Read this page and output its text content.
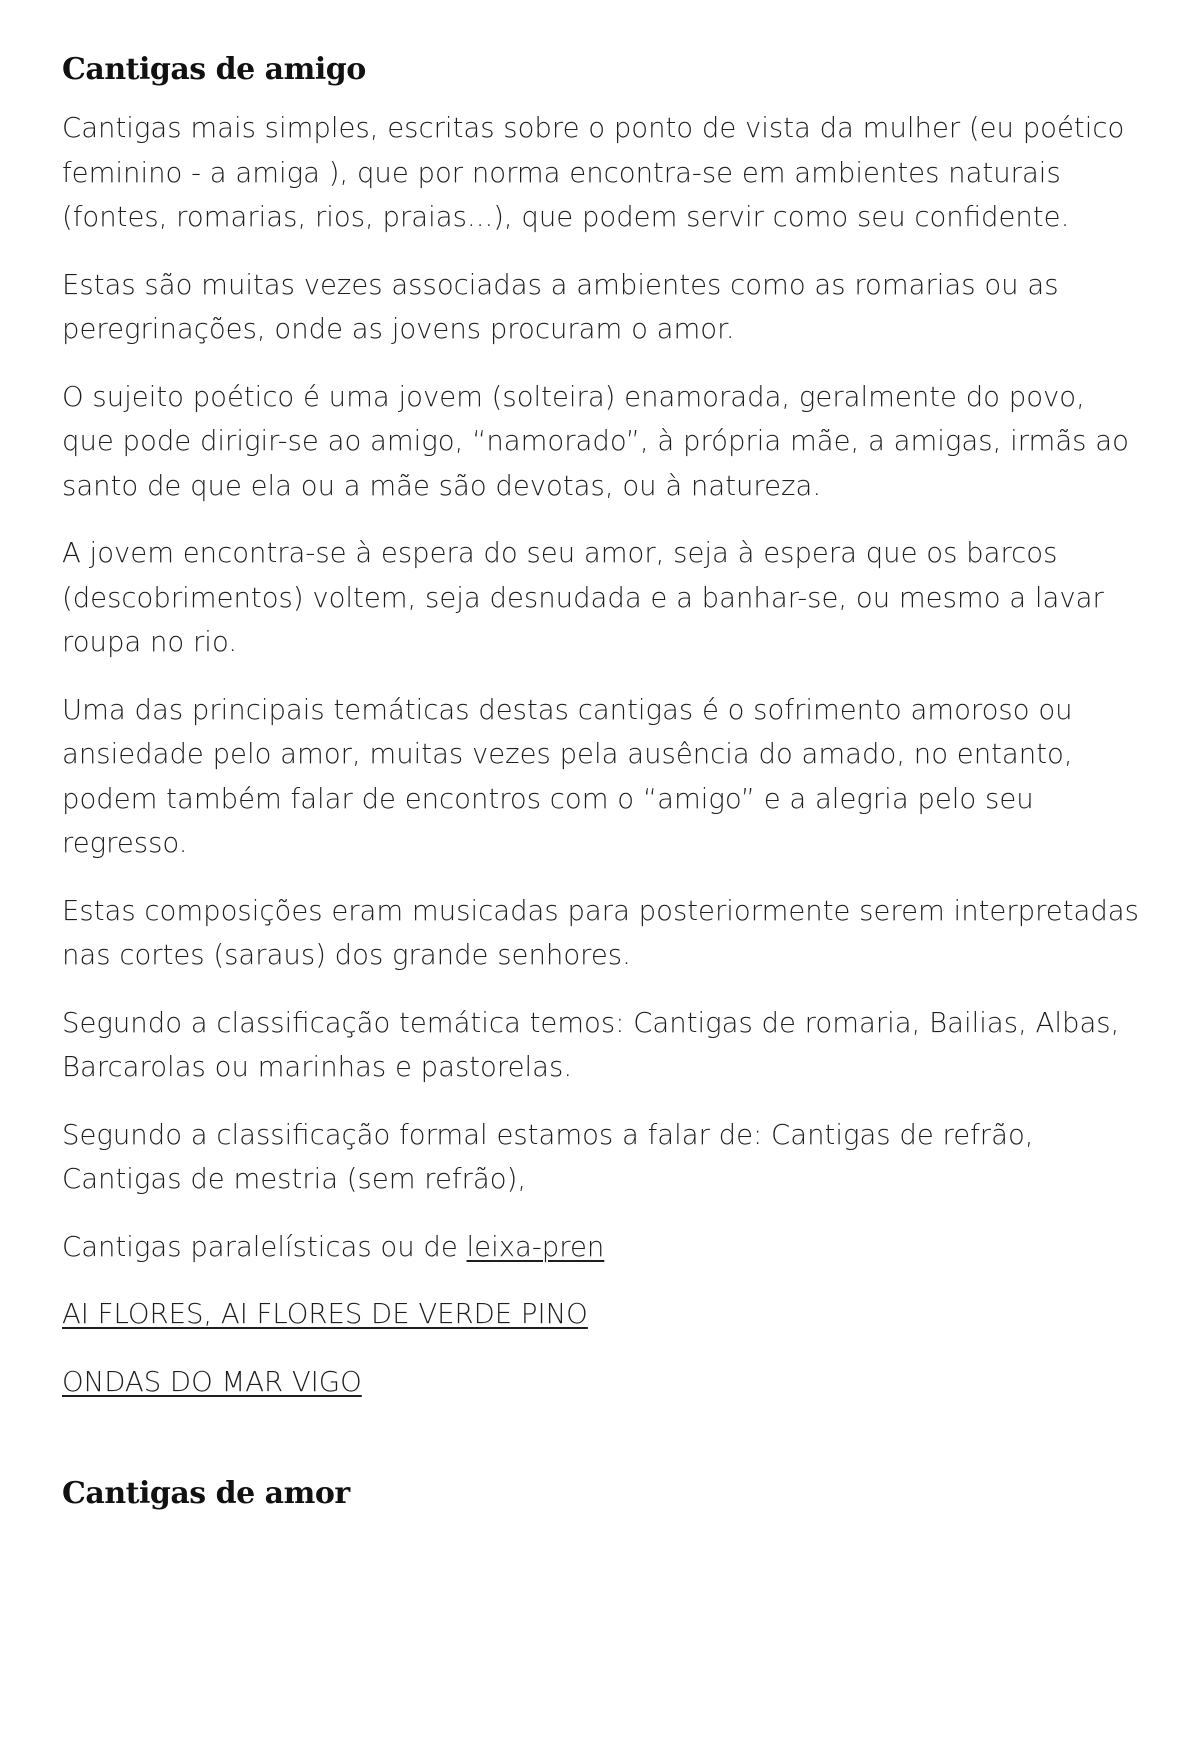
Cantigas de amigo

Cantigas mais simples, escritas sobre o ponto de vista da mulher (eu poético feminino - a amiga ), que por norma encontra-se em ambientes naturais (fontes, romarias, rios, praias...), que podem servir como seu confidente.

Estas são muitas vezes associadas a ambientes como as romarias ou as peregrinações, onde as jovens procuram o amor.

O sujeito poético é uma jovem (solteira) enamorada, geralmente do povo, que pode dirigir-se ao amigo, “namorado”, à própria mãe, a amigas, irmãs ao santo de que ela ou a mãe são devotas, ou à natureza.

A jovem encontra-se à espera do seu amor, seja à espera que os barcos (descobrimentos) voltem, seja desnudada e a banhar-se, ou mesmo a lavar roupa no rio.

Uma das principais temáticas destas cantigas é o sofrimento amoroso ou ansiedade pelo amor, muitas vezes pela ausência do amado, no entanto, podem também falar de encontros com o “amigo” e a alegria pelo seu regresso.

Estas composições eram musicadas para posteriormente serem interpretadas nas cortes (saraus) dos grande senhores.

Segundo a classificação temática temos: Cantigas de romaria, Bailias, Albas, Barcarolas ou marinhas e pastorelas.

Segundo a classificação formal estamos a falar de: Cantigas de refrão, Cantigas de mestria (sem refrão),

Cantigas paralelísticas ou de leixa-pren

AI FLORES, AI FLORES DE VERDE PINO

ONDAS DO MAR VIGO

Cantigas de amor
